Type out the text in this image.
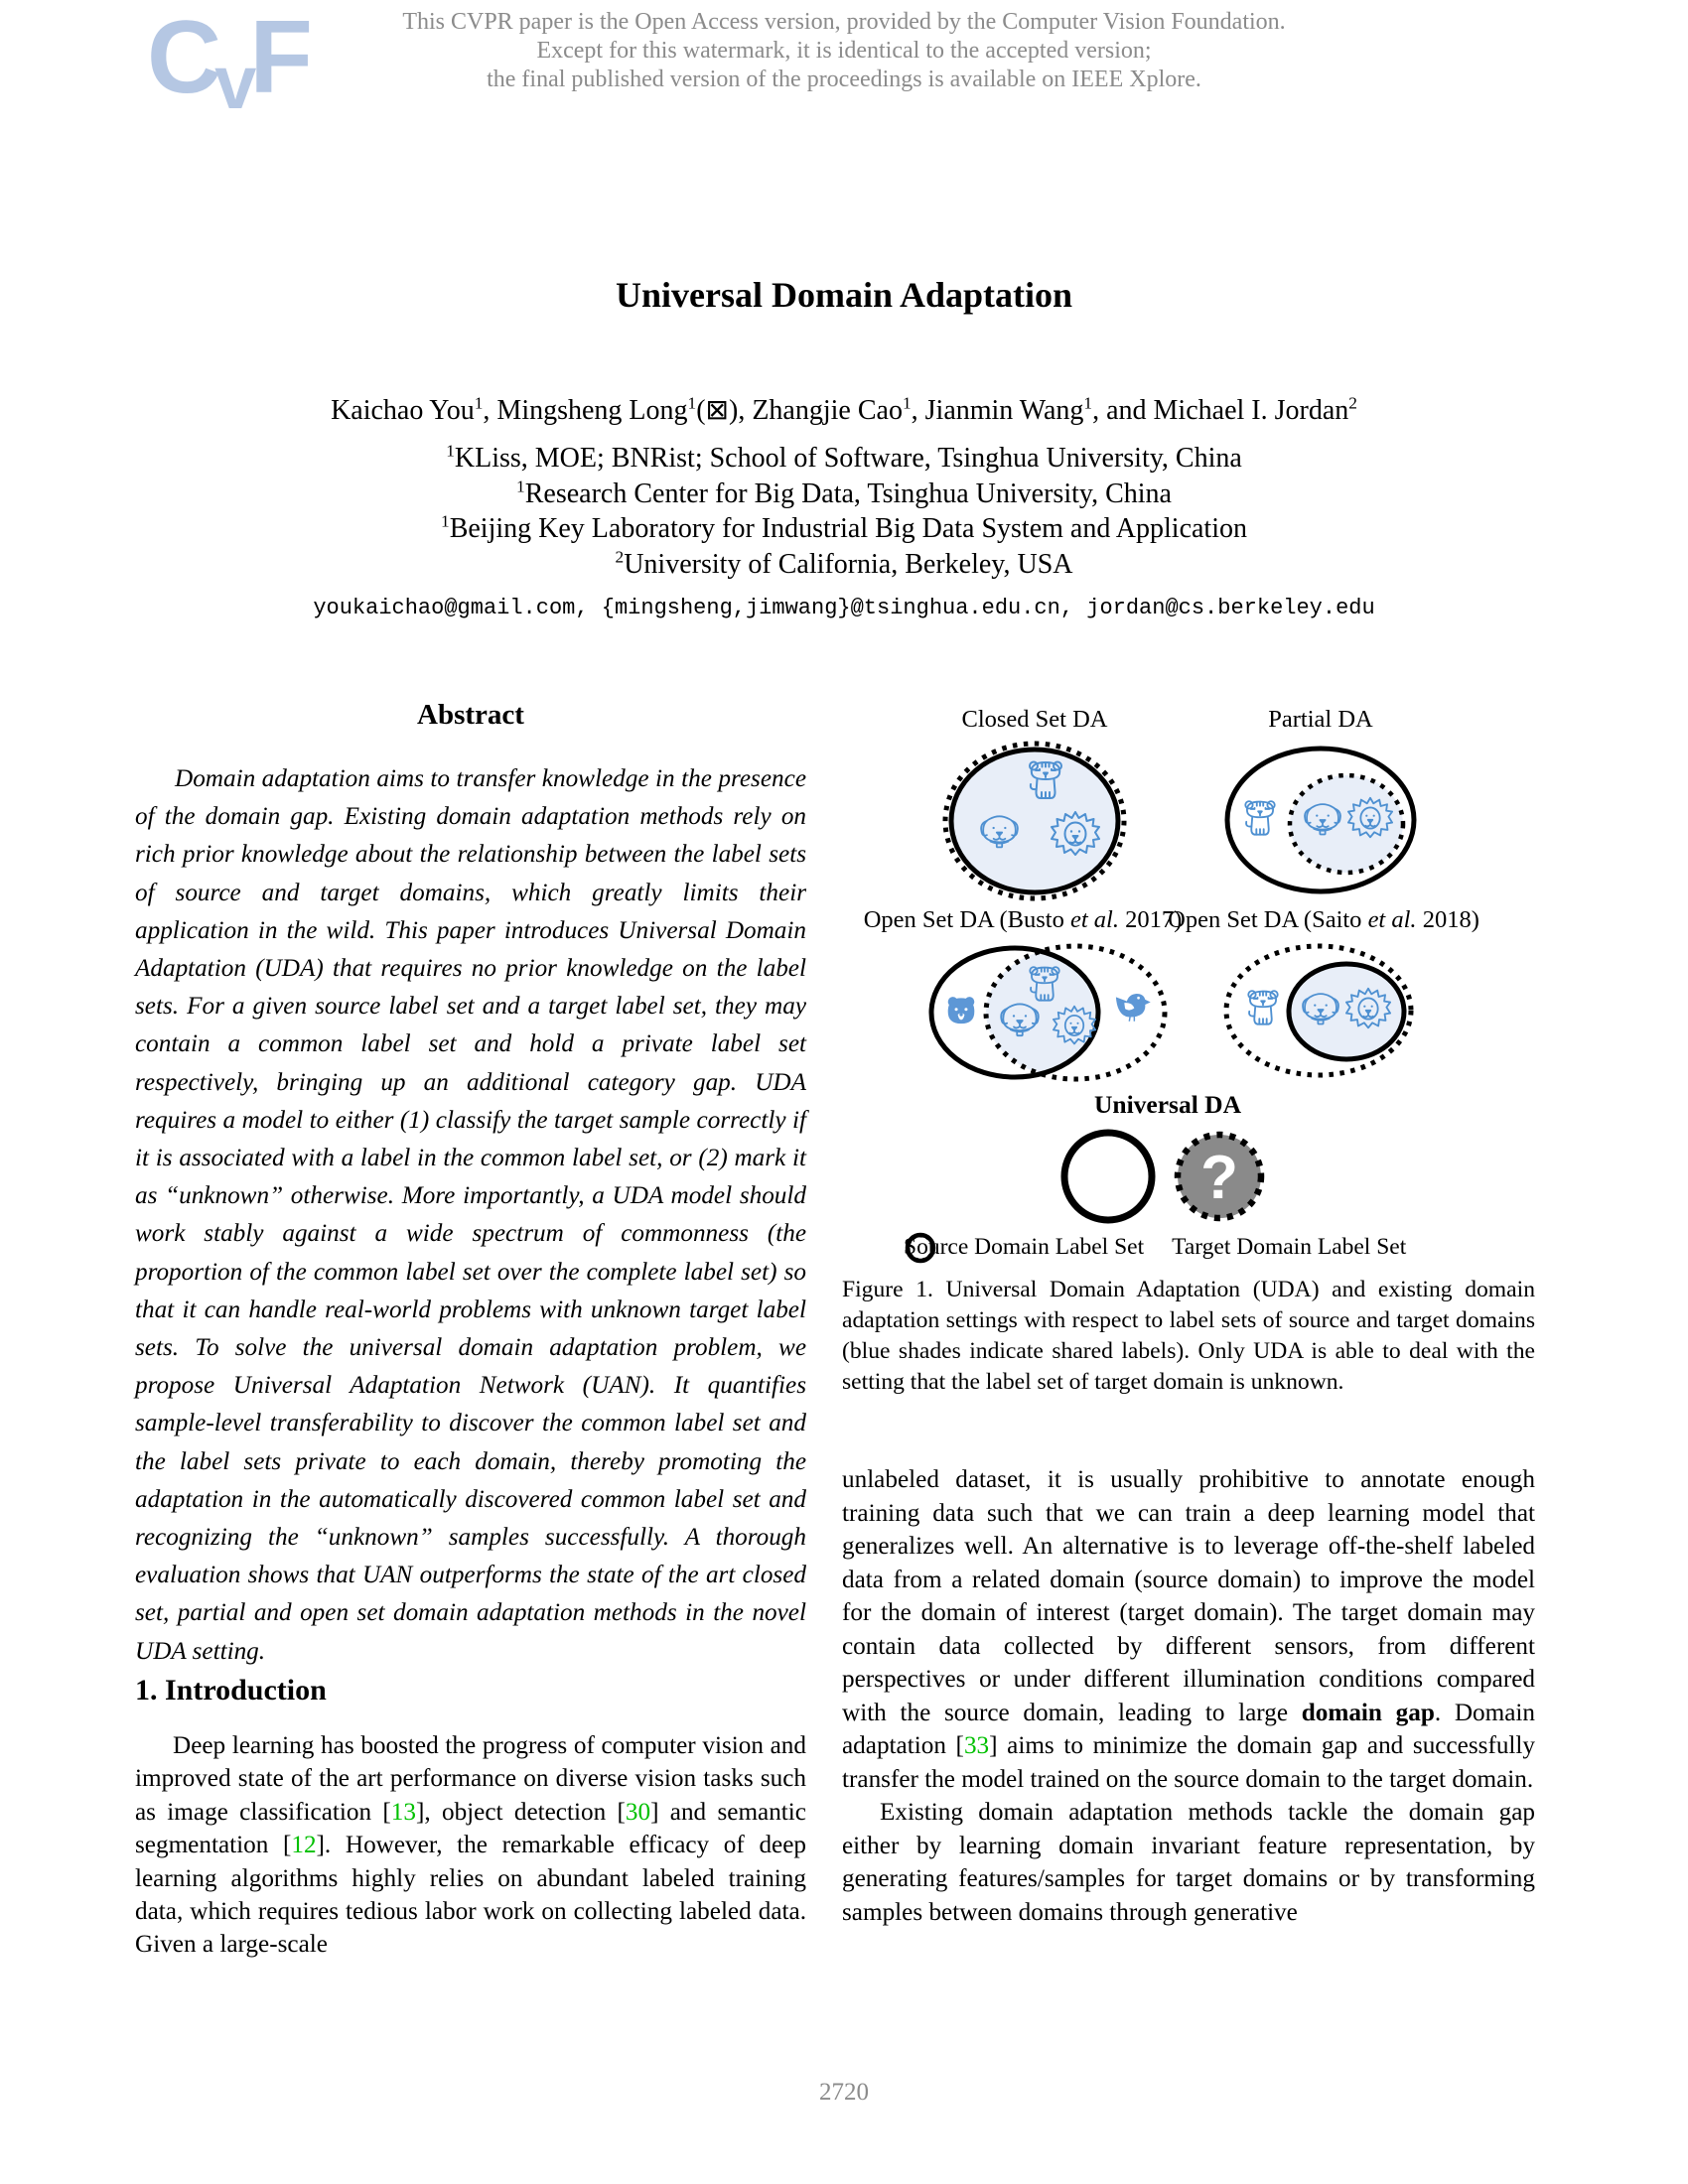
CvF	This CVPR paper is the Open Access version, provided by the Computer Vision Foundation.
Except for this watermark, it is identical to the accepted version;
the final published version of the proceedings is available on IEEE Xplore.
Universal Domain Adaptation
Kaichao You$^1$, Mingsheng Long$^1$(⊠), Zhangjie Cao$^1$, Jianmin Wang$^1$, and Michael I. Jordan$^2$
$^1$KLiss, MOE; BNRist; School of Software, Tsinghua University, China
$^1$Research Center for Big Data, Tsinghua University, China
$^1$Beijing Key Laboratory for Industrial Big Data System and Application
$^2$University of California, Berkeley, USA
youkaichao@gmail.com, {mingsheng,jimwang}@tsinghua.edu.cn, jordan@cs.berkeley.edu
Abstract
Domain adaptation aims to transfer knowledge in the presence of the domain gap. Existing domain adaptation methods rely on rich prior knowledge about the relationship between the label sets of source and target domains, which greatly limits their application in the wild. This paper introduces Universal Domain Adaptation (UDA) that requires no prior knowledge on the label sets. For a given source label set and a target label set, they may contain a common label set and hold a private label set respectively, bringing up an additional category gap. UDA requires a model to either (1) classify the target sample correctly if it is associated with a label in the common label set, or (2) mark it as “unknown” otherwise. More importantly, a UDA model should work stably against a wide spectrum of commonness (the proportion of the common label set over the complete label set) so that it can handle real-world problems with unknown target label sets. To solve the universal domain adaptation problem, we propose Universal Adaptation Network (UAN). It quantifies sample-level transferability to discover the common label set and the label sets private to each domain, thereby promoting the adaptation in the automatically discovered common label set and recognizing the “unknown” samples successfully. A thorough evaluation shows that UAN outperforms the state of the art closed set, partial and open set domain adaptation methods in the novel UDA setting.
1. Introduction
Deep learning has boosted the progress of computer vision and improved state of the art performance on diverse vision tasks such as image classification [13], object detection [30] and semantic segmentation [12]. However, the remarkable efficacy of deep learning algorithms highly relies on abundant labeled training data, which requires tedious labor work on collecting labeled data. Given a large-scale
Closed Set DA	Partial DA
Open Set DA (Busto et al. 2017)
Open Set DA (Saito et al. 2018)
Universal DA
?
Source Domain Label Set Target Domain Label Set
Figure 1. Universal Domain Adaptation (UDA) and existing domain adaptation settings with respect to label sets of source and target domains (blue shades indicate shared labels). Only UDA is able to deal with the setting that the label set of target domain is unknown.

unlabeled dataset, it is usually prohibitive to annotate enough training data such that we can train a deep learning model that generalizes well. An alternative is to leverage off-the-shelf labeled data from a related domain (source domain) to improve the model for the domain of interest (target domain). The target domain may contain data collected by different sensors, from different perspectives or under different illumination conditions compared with the source domain, leading to large domain gap. Domain adaptation [33] aims to minimize the domain gap and successfully transfer the model trained on the source domain to the target domain.

Existing domain adaptation methods tackle the domain gap either by learning domain invariant feature representation, by generating features/samples for target domains or by transforming samples between domains through generative

2720
